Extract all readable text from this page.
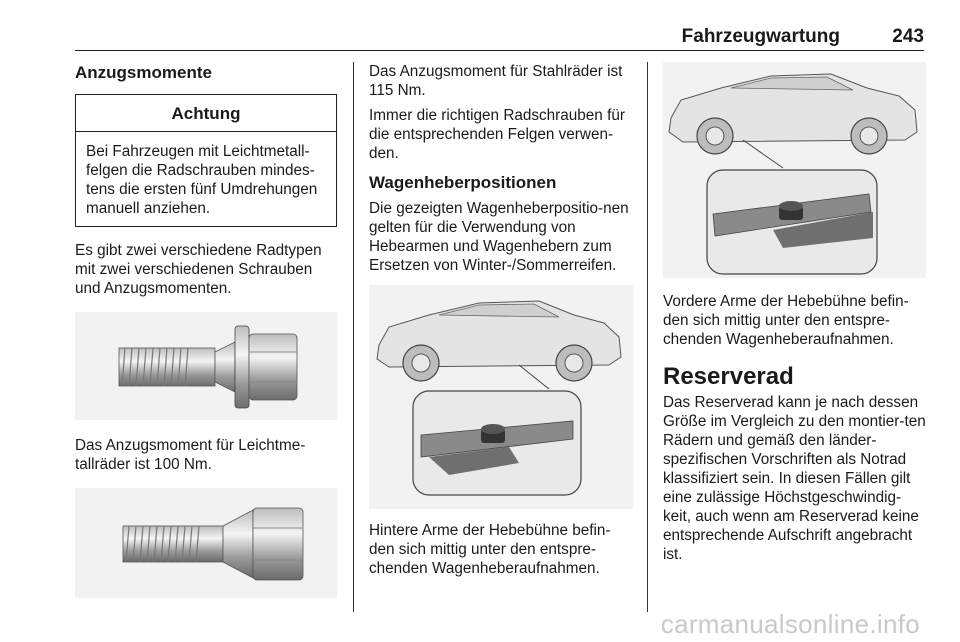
Fahrzeugwartung	243
Anzugsmomente
Achtung
Bei Fahrzeugen mit Leichtmetall-felgen die Radschrauben mindes-tens die ersten fünf Umdrehungen manuell anziehen.

Es gibt zwei verschiedene Radtypen mit zwei verschiedenen Schrauben und Anzugsmomenten.

Das Anzugsmoment für Leichtme-tallräder ist 100 Nm.

Das Anzugsmoment für Stahlräder ist 115 Nm.

Immer die richtigen Radschrauben für die entsprechenden Felgen verwen-den.

Wagenheberpositionen

Die gezeigten Wagenheberpositio-nen gelten für die Verwendung von Hebearmen und Wagenhebern zum Ersetzen von Winter-/Sommerreifen.

Hintere Arme der Hebebühne befin-den sich mittig unter den entspre-chenden Wagenheberaufnahmen.

Vordere Arme der Hebebühne befin-den sich mittig unter den entspre-chenden Wagenheberaufnahmen.

Reserverad

Das Reserverad kann je nach dessen Größe im Vergleich zu den montier-ten Rädern und gemäß den länder-spezifischen Vorschriften als Notrad klassifiziert sein. In diesen Fällen gilt eine zulässige Höchstgeschwindig-keit, auch wenn am Reserverad keine entsprechende Aufschrift angebracht ist.

carmanualsonline.info
